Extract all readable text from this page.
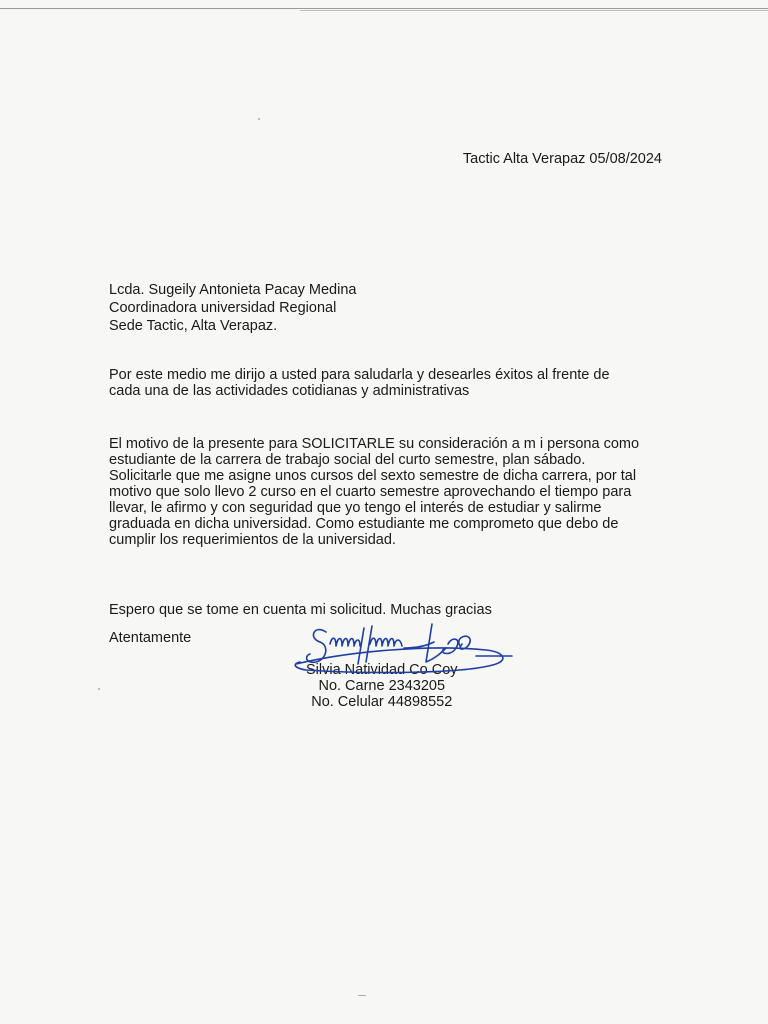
Tactic Alta Verapaz 05/08/2024
Lcda. Sugeily Antonieta Pacay Medina
Coordinadora universidad Regional
Sede Tactic, Alta Verapaz.
Por este medio me dirijo a usted para saludarla y desearles éxitos al frente de
cada una de las actividades cotidianas y administrativas
El motivo de la presente para SOLICITARLE su consideración a m i persona como
estudiante de la carrera de trabajo social del curto semestre, plan sábado.
Solicitarle que me asigne unos cursos del sexto semestre de dicha carrera, por tal
motivo que solo llevo 2 curso en el cuarto semestre aprovechando el tiempo para
llevar, le afirmo y con seguridad que yo tengo el interés de estudiar y salirme
graduada en dicha universidad. Como estudiante me comprometo que debo de
cumplir los requerimientos de la universidad.
Espero que se tome en cuenta mi solicitud. Muchas gracias
Atentamente
Silvia Natividad Co Coy
No. Carne 2343205
No. Celular 44898552
